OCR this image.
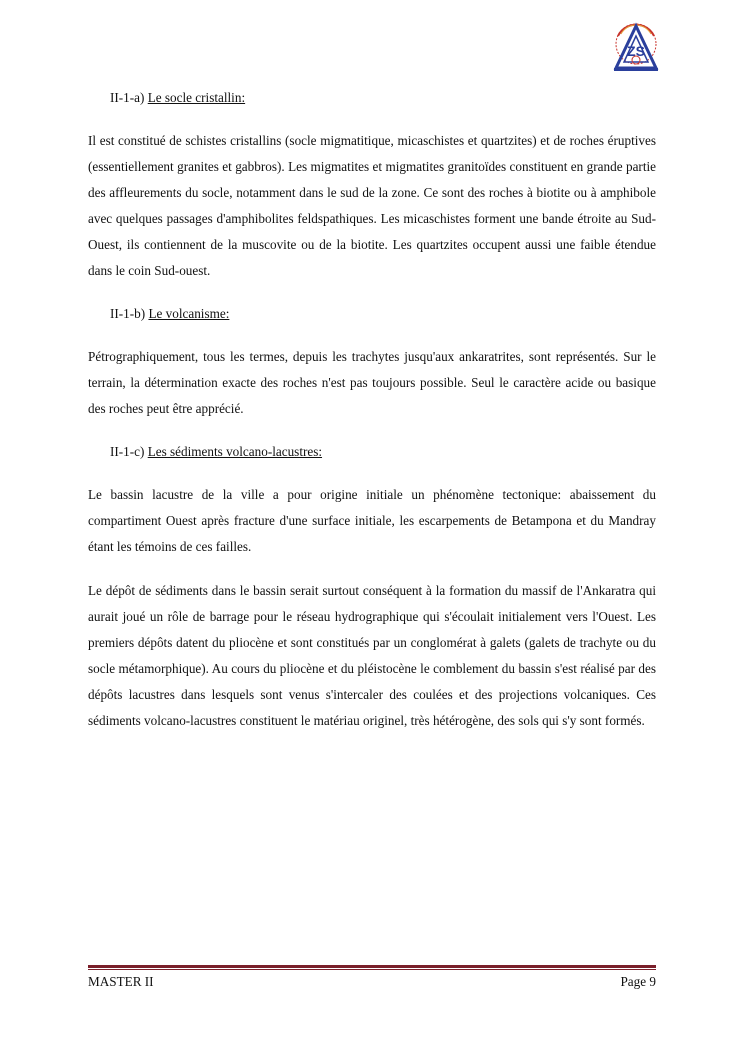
ZS
II-1-a) Le socle cristallin:

Il est constitué de schistes cristallins (socle migmatitique, micaschistes et quartzites) et de roches éruptives (essentiellement granites et gabbros). Les migmatites et migmatites granitoïdes constituent en grande partie des affleurements du socle, notamment dans le sud de la zone. Ce sont des roches à biotite ou à amphibole avec quelques passages d'amphibolites feldspathiques. Les micaschistes forment une bande étroite au Sud-Ouest, ils contiennent de la muscovite ou de la biotite. Les quartzites occupent aussi une faible étendue dans le coin Sud-ouest.

II-1-b) Le volcanisme:

Pétrographiquement, tous les termes, depuis les trachytes jusqu'aux ankaratrites, sont représentés. Sur le terrain, la détermination exacte des roches n'est pas toujours possible. Seul le caractère acide ou basique des roches peut être apprécié.

II-1-c) Les sédiments volcano-lacustres:

Le bassin lacustre de la ville a pour origine initiale un phénomène tectonique: abaissement du compartiment Ouest après fracture d'une surface initiale, les escarpements de Betampona et du Mandray étant les témoins de ces failles.

Le dépôt de sédiments dans le bassin serait surtout conséquent à la formation du massif de l'Ankaratra qui aurait joué un rôle de barrage pour le réseau hydrographique qui s'écoulait initialement vers l'Ouest. Les premiers dépôts datent du pliocène et sont constitués par un conglomérat à galets (galets de trachyte ou du socle métamorphique). Au cours du pliocène et du pléistocène le comblement du bassin s'est réalisé par des dépôts lacustres dans lesquels sont venus s'intercaler des coulées et des projections volcaniques. Ces sédiments volcano-lacustres constituent le matériau originel, très hétérogène, des sols qui s'y sont formés.

MASTER II	Page 9
